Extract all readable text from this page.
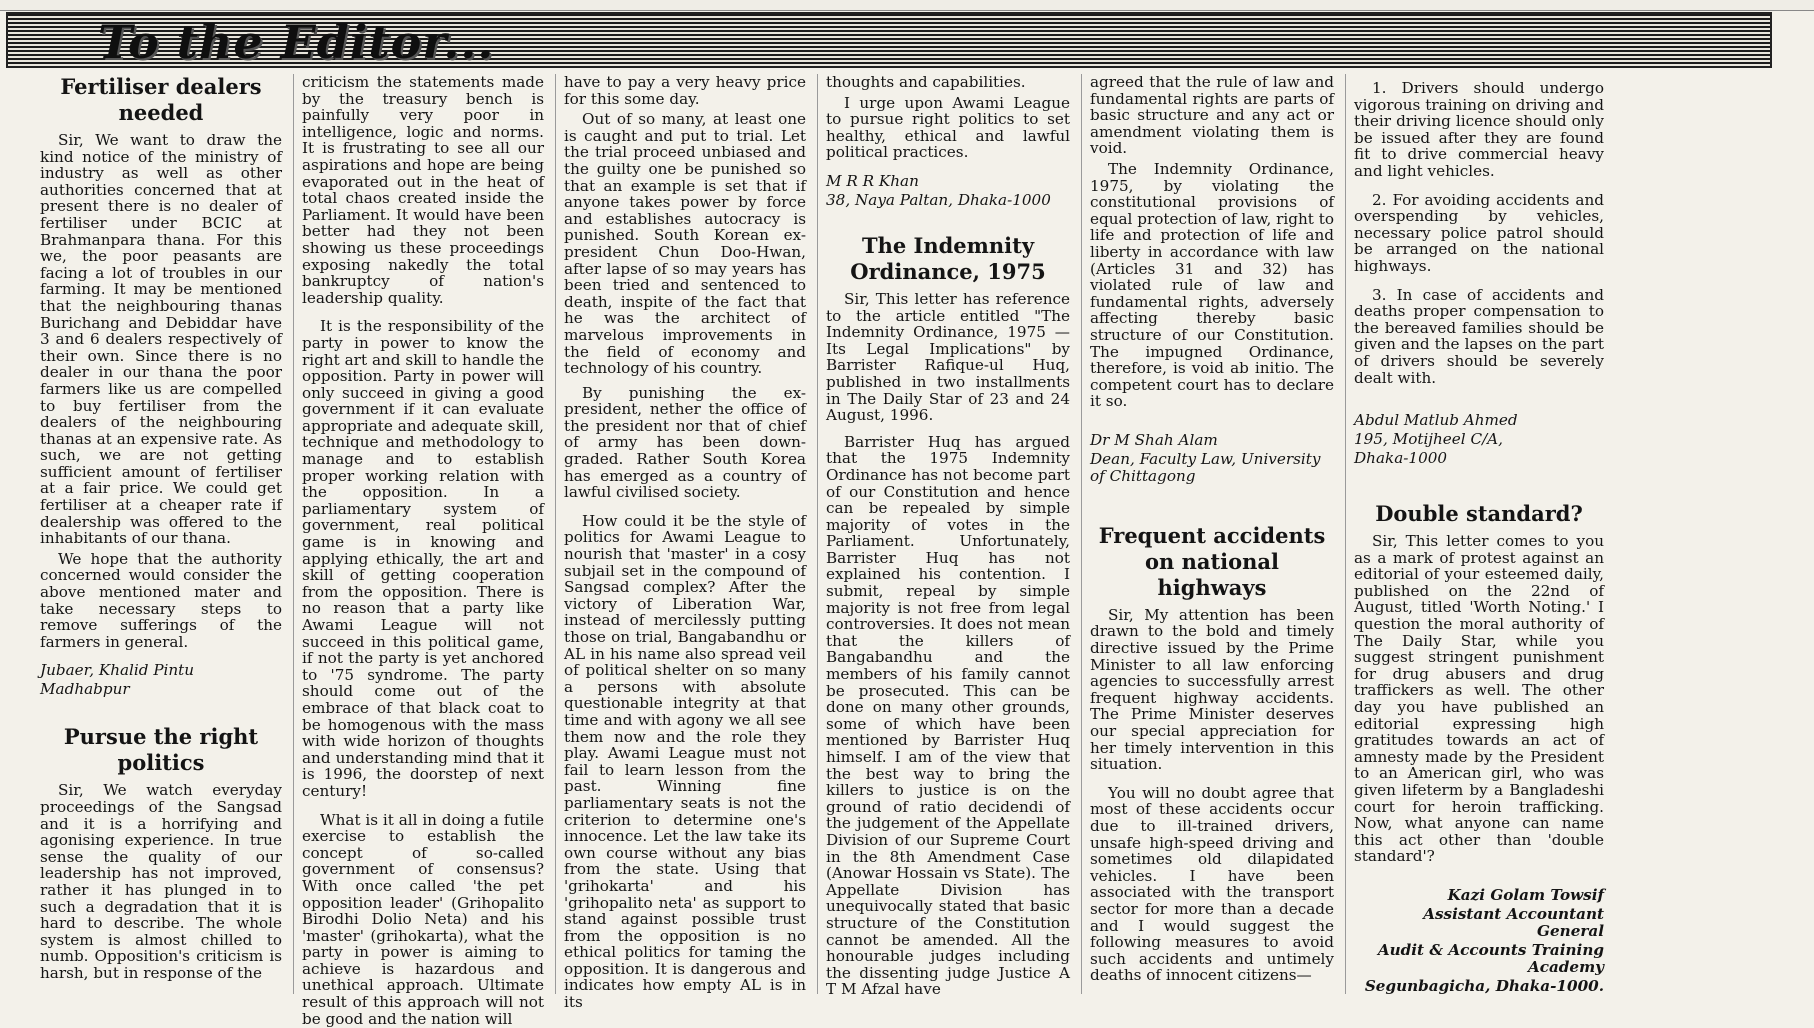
To the Editor...
Fertiliser dealers needed

Sir, We want to draw the kind notice of the ministry of industry as well as other authorities concerned that at present there is no dealer of fertiliser under BCIC at Brahmanpara thana. For this we, the poor peasants are facing a lot of troubles in our farming. It may be mentioned that the neighbouring thanas Burichang and Debiddar have 3 and 6 dealers respectively of their own. Since there is no dealer in our thana the poor farmers like us are compelled to buy fertiliser from the dealers of the neighbouring thanas at an expensive rate. As such, we are not getting sufficient amount of fertiliser at a fair price. We could get fertiliser at a cheaper rate if dealership was offered to the inhabitants of our thana.

We hope that the authority concerned would consider the above mentioned mater and take necessary steps to remove sufferings of the farmers in general.

Jubaer, Khalid Pintu
Madhabpur
Pursue the right politics

Sir, We watch everyday proceedings of the Sangsad and it is a horrifying and agonising experience. In true sense the quality of our leadership has not improved, rather it has plunged in to such a degradation that it is hard to describe. The whole system is almost chilled to numb. Opposition's criticism is harsh, but in response of the

criticism the statements made by the treasury bench is painfully very poor in intelligence, logic and norms. It is frustrating to see all our aspirations and hope are being evaporated out in the heat of total chaos created inside the Parliament. It would have been better had they not been showing us these proceedings exposing nakedly the total bankruptcy of nation's leadership quality.

It is the responsibility of the party in power to know the right art and skill to handle the opposition. Party in power will only succeed in giving a good government if it can evaluate appropriate and adequate skill, technique and methodology to manage and to establish proper working relation with the opposition. In a parliamentary system of government, real political game is in knowing and applying ethically, the art and skill of getting cooperation from the opposition. There is no reason that a party like Awami League will not succeed in this political game, if not the party is yet anchored to '75 syndrome. The party should come out of the embrace of that black coat to be homogenous with the mass with wide horizon of thoughts and understanding mind that it is 1996, the doorstep of next century!

What is it all in doing a futile exercise to establish the concept of so-called government of consensus? With once called 'the pet opposition leader' (Grihopalito Birodhi Dolio Neta) and his 'master' (grihokarta), what the party in power is aiming to achieve is hazardous and unethical approach. Ultimate result of this approach will not be good and the nation will

have to pay a very heavy price for this some day.

Out of so many, at least one is caught and put to trial. Let the trial proceed unbiased and the guilty one be punished so that an example is set that if anyone takes power by force and establishes autocracy is punished. South Korean ex-president Chun Doo-Hwan, after lapse of so may years has been tried and sentenced to death, inspite of the fact that he was the architect of marvelous improvements in the field of economy and technology of his country.

By punishing the ex-president, nether the office of the president nor that of chief of army has been down-graded. Rather South Korea has emerged as a country of lawful civilised society.

How could it be the style of politics for Awami League to nourish that 'master' in a cosy subjail set in the compound of Sangsad complex? After the victory of Liberation War, instead of mercilessly putting those on trial, Bangabandhu or AL in his name also spread veil of political shelter on so many a persons with absolute questionable integrity at that time and with agony we all see them now and the role they play. Awami League must not fail to learn lesson from the past. Winning fine parliamentary seats is not the criterion to determine one's innocence. Let the law take its own course without any bias from the state. Using that 'grihokarta' and his 'grihopalito neta' as support to stand against possible trust from the opposition is no ethical politics for taming the opposition. It is dangerous and indicates how empty AL is in its

thoughts and capabilities.

I urge upon Awami League to pursue right politics to set healthy, ethical and lawful political practices.

M R R Khan
38, Naya Paltan, Dhaka-1000
The Indemnity Ordinance, 1975

Sir, This letter has reference to the article entitled "The Indemnity Ordinance, 1975 — Its Legal Implications" by Barrister Rafique-ul Huq, published in two installments in The Daily Star of 23 and 24 August, 1996.

Barrister Huq has argued that the 1975 Indemnity Ordinance has not become part of our Constitution and hence can be repealed by simple majority of votes in the Parliament. Unfortunately, Barrister Huq has not explained his contention. I submit, repeal by simple majority is not free from legal controversies. It does not mean that the killers of Bangabandhu and the members of his family cannot be prosecuted. This can be done on many other grounds, some of which have been mentioned by Barrister Huq himself. I am of the view that the best way to bring the killers to justice is on the ground of ratio decidendi of the judgement of the Appellate Division of our Supreme Court in the 8th Amendment Case (Anowar Hossain vs State). The Appellate Division has unequivocally stated that basic structure of the Constitution cannot be amended. All the honourable judges including the dissenting judge Justice A T M Afzal have

agreed that the rule of law and fundamental rights are parts of basic structure and any act or amendment violating them is void.

The Indemnity Ordinance, 1975, by violating the constitutional provisions of equal protection of law, right to life and protection of life and liberty in accordance with law (Articles 31 and 32) has violated rule of law and fundamental rights, adversely affecting thereby basic structure of our Constitution. The impugned Ordinance, therefore, is void ab initio. The competent court has to declare it so.

Dr M Shah Alam
Dean, Faculty Law, University of Chittagong
Frequent accidents on national highways

Sir, My attention has been drawn to the bold and timely directive issued by the Prime Minister to all law enforcing agencies to successfully arrest frequent highway accidents. The Prime Minister deserves our special appreciation for her timely intervention in this situation.

You will no doubt agree that most of these accidents occur due to ill-trained drivers, unsafe high-speed driving and sometimes old dilapidated vehicles. I have been associated with the transport sector for more than a decade and I would suggest the following measures to avoid such accidents and untimely deaths of innocent citizens—

1. Drivers should undergo vigorous training on driving and their driving licence should only be issued after they are found fit to drive commercial heavy and light vehicles.

2. For avoiding accidents and overspending by vehicles, necessary police patrol should be arranged on the national highways.

3. In case of accidents and deaths proper compensation to the bereaved families should be given and the lapses on the part of drivers should be severely dealt with.

Abdul Matlub Ahmed
195, Motijheel C/A,
Dhaka-1000
Double standard?

Sir, This letter comes to you as a mark of protest against an editorial of your esteemed daily, published on the 22nd of August, titled 'Worth Noting.' I question the moral authority of The Daily Star, while you suggest stringent punishment for drug abusers and drug traffickers as well. The other day you have published an editorial expressing high gratitudes towards an act of amnesty made by the President to an American girl, who was given lifeterm by a Bangladeshi court for heroin trafficking. Now, what anyone can name this act other than 'double standard'?

Kazi Golam Towsif
Assistant Accountant General
Audit & Accounts Training Academy
Segunbagicha, Dhaka-1000.
